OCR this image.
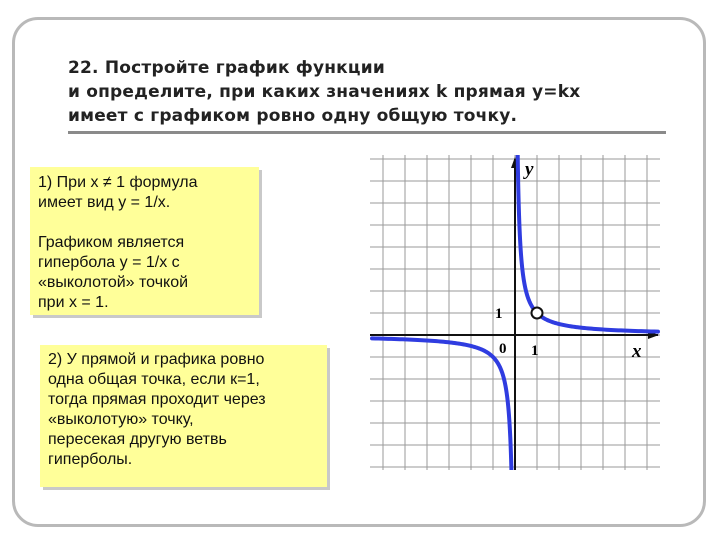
22. Постройте график функции
и определите, при каких значениях k прямая y=kx
имеет с графиком ровно одну общую точку.

1) При x ≠ 1 формула

имеет вид y = 1/x.

Графиком является

гипербола y = 1/x с

«выколотой» точкой

при x = 1.

2) У прямой и графика ровно

одна общая точка, если к=1,

тогда прямая проходит через

«выколотую» точку,

пересекая другую ветвь

гиперболы.

x
y
0 1
1
